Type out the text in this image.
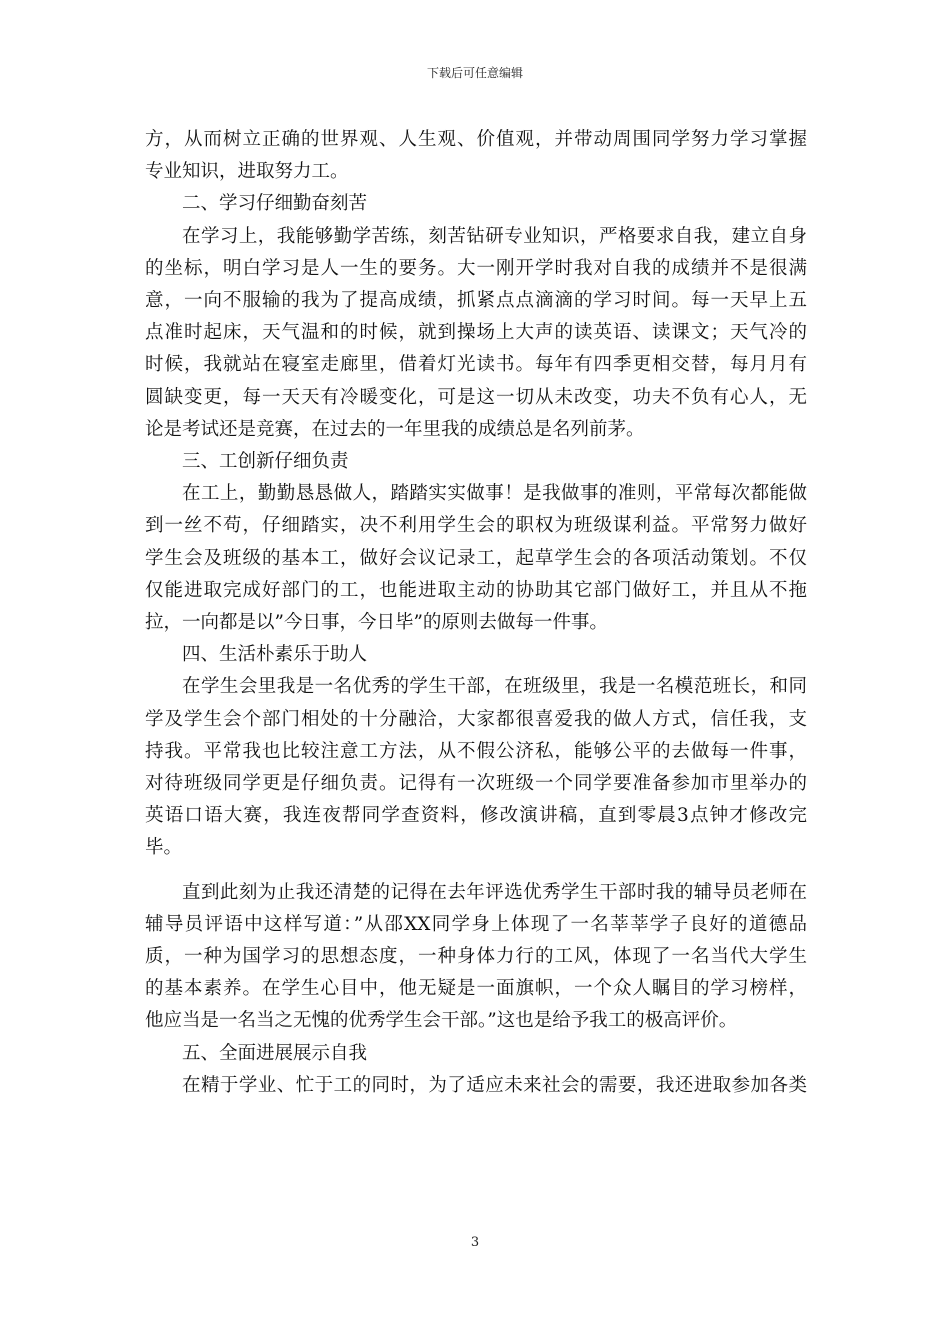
下载后可任意编辑
方，从而树立正确的世界观、人生观、价值观，并带动周围同学努力学习掌握
专业知识，进取努力工。

二、学习仔细勤奋刻苦

在学习上，我能够勤学苦练，刻苦钻研专业知识，严格要求自我，建立自身
的坐标，明白学习是人一生的要务。大一刚开学时我对自我的成绩并不是很满
意，一向不服输的我为了提高成绩，抓紧点点滴滴的学习时间。每一天早上五
点准时起床，天气温和的时候，就到操场上大声的读英语、读课文；天气冷的
时候，我就站在寝室走廊里，借着灯光读书。每年有四季更相交替，每月月有
圆缺变更，每一天天有冷暖变化，可是这一切从未改变，功夫不负有心人，无
论是考试还是竞赛，在过去的一年里我的成绩总是名列前茅。

三、工创新仔细负责

在工上，勤勤恳恳做人，踏踏实实做事！是我做事的准则，平常每次都能做
到一丝不苟，仔细踏实，决不利用学生会的职权为班级谋利益。平常努力做好
学生会及班级的基本工，做好会议记录工，起草学生会的各项活动策划。不仅
仅能进取完成好部门的工，也能进取主动的协助其它部门做好工，并且从不拖
拉，一向都是以”今日事，今日毕”的原则去做每一件事。

四、生活朴素乐于助人

在学生会里我是一名优秀的学生干部，在班级里，我是一名模范班长，和同
学及学生会个部门相处的十分融洽，大家都很喜爱我的做人方式，信任我，支
持我。平常我也比较注意工方法，从不假公济私，能够公平的去做每一件事，
对待班级同学更是仔细负责。记得有一次班级一个同学要准备参加市里举办的
英语口语大赛，我连夜帮同学查资料，修改演讲稿，直到零晨3点钟才修改完
毕。
直到此刻为止我还清楚的记得在去年评选优秀学生干部时我的辅导员老师在
辅导员评语中这样写道：”从邵XX同学身上体现了一名莘莘学子良好的道德品
质，一种为国学习的思想态度，一种身体力行的工风，体现了一名当代大学生
的基本素养。在学生心目中，他无疑是一面旗帜，一个众人瞩目的学习榜样，
他应当是一名当之无愧的优秀学生会干部。”这也是给予我工的极高评价。

五、全面进展展示自我

在精于学业、忙于工的同时，为了适应未来社会的需要，我还进取参加各类
3
